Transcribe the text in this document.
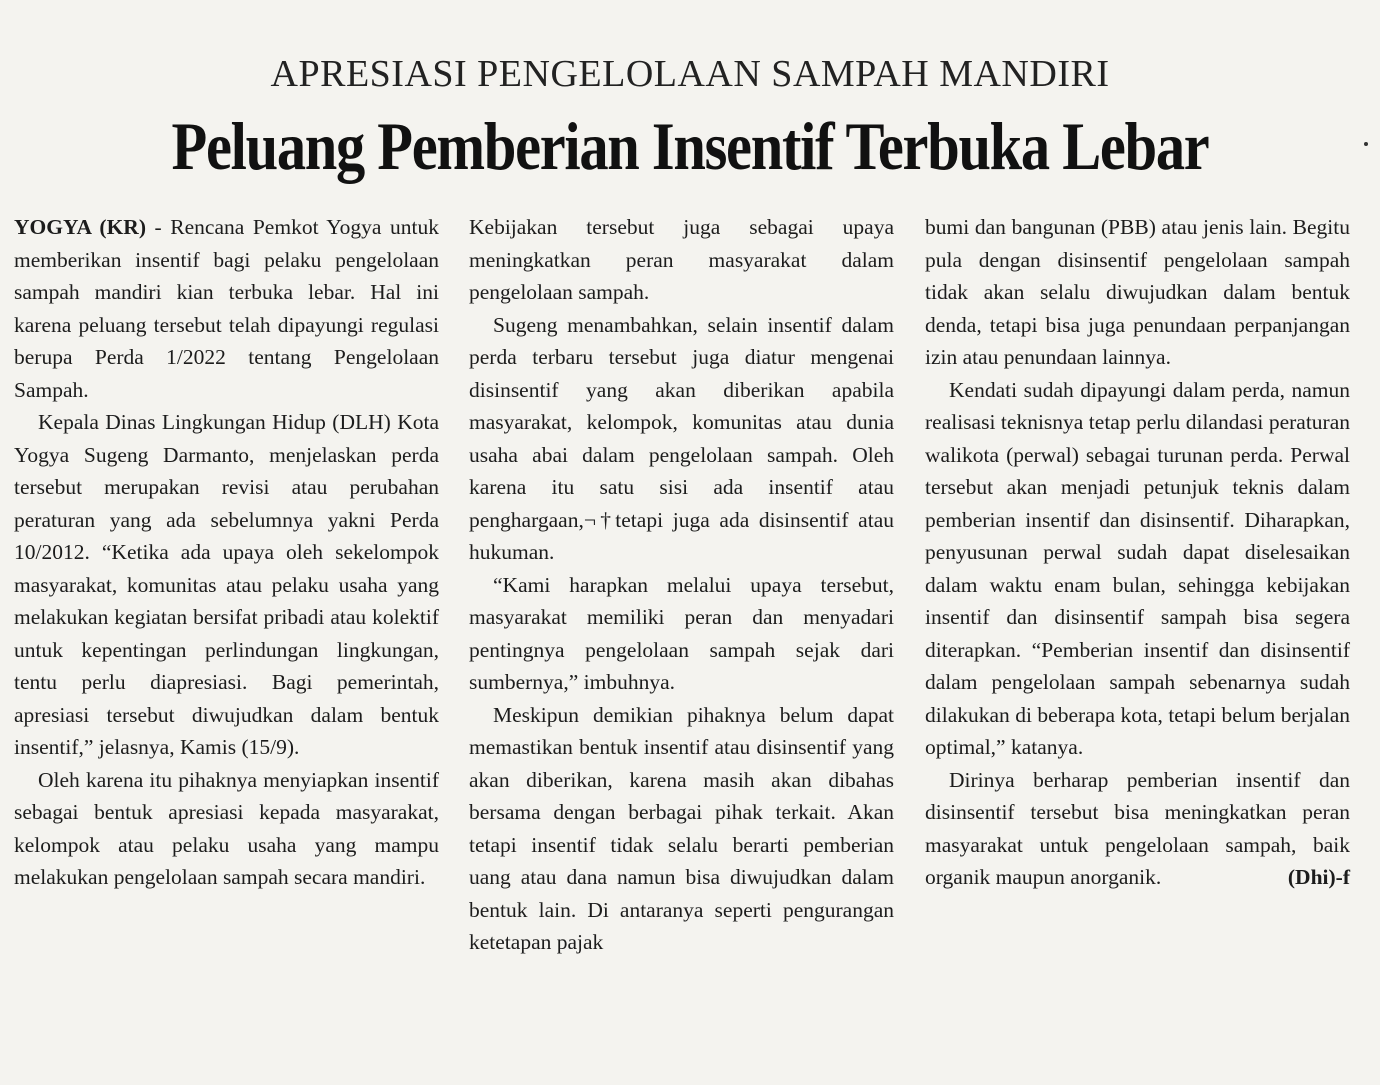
APRESIASI PENGELOLAAN SAMPAH MANDIRI
Peluang Pemberian Insentif Terbuka Lebar

YOGYA (KR) - Rencana Pemkot Yogya untuk memberikan insentif bagi pelaku pengelolaan sampah mandiri kian terbuka lebar. Hal ini karena peluang tersebut telah dipayungi regulasi berupa Perda 1/2022 tentang Pengelolaan Sampah.

Kepala Dinas Lingkungan Hidup (DLH) Kota Yogya Sugeng Darmanto, menjelaskan perda tersebut merupakan revisi atau perubahan peraturan yang ada sebelumnya yakni Perda 10/2012. “Ketika ada upaya oleh sekelompok masyarakat, komunitas atau pelaku usaha yang melakukan kegiatan bersifat pribadi atau kolektif untuk kepentingan perlindungan lingkungan, tentu perlu diapresiasi. Bagi pemerintah, apresiasi tersebut diwujudkan dalam bentuk insentif,” jelasnya, Kamis (15/9).

Oleh karena itu pihaknya menyiapkan insentif sebagai bentuk apresiasi kepada masyarakat, kelompok atau pelaku usaha yang mampu melakukan pengelolaan sampah secara mandiri.

Kebijakan tersebut juga sebagai upaya meningkatkan peran masyarakat dalam pengelolaan sampah.

Sugeng menambahkan, selain insentif dalam perda terbaru tersebut juga diatur mengenai disinsentif yang akan diberikan apabila masyarakat, kelompok, komunitas atau dunia usaha abai dalam pengelolaan sampah. Oleh karena itu satu sisi ada insentif atau penghargaan,¬†tetapi juga ada disinsentif atau hukuman.

“Kami harapkan melalui upaya tersebut, masyarakat memiliki peran dan menyadari pentingnya pengelolaan sampah sejak dari sumbernya,” imbuhnya.

Meskipun demikian pihaknya belum dapat memastikan bentuk insentif atau disinsentif yang akan diberikan, karena masih akan dibahas bersama dengan berbagai pihak terkait. Akan tetapi insentif tidak selalu berarti pemberian uang atau dana namun bisa diwujudkan dalam bentuk lain. Di antaranya seperti pengurangan ketetapan pajak

bumi dan bangunan (PBB) atau jenis lain. Begitu pula dengan disinsentif pengelolaan sampah tidak akan selalu diwujudkan dalam bentuk denda, tetapi bisa juga penundaan perpanjangan izin atau penundaan lainnya.

Kendati sudah dipayungi dalam perda, namun realisasi teknisnya tetap perlu dilandasi peraturan walikota (perwal) sebagai turunan perda. Perwal tersebut akan menjadi petunjuk teknis dalam pemberian insentif dan disinsentif. Diharapkan, penyusunan perwal sudah dapat diselesaikan dalam waktu enam bulan, sehingga kebijakan insentif dan disinsentif sampah bisa segera diterapkan. “Pemberian insentif dan disinsentif dalam pengelolaan sampah sebenarnya sudah dilakukan di beberapa kota, tetapi belum berjalan optimal,” katanya.

Dirinya berharap pemberian insentif dan disinsentif tersebut bisa meningkatkan peran masyarakat untuk pengelolaan sampah, baik organik maupun anorganik.	(Dhi)-f
